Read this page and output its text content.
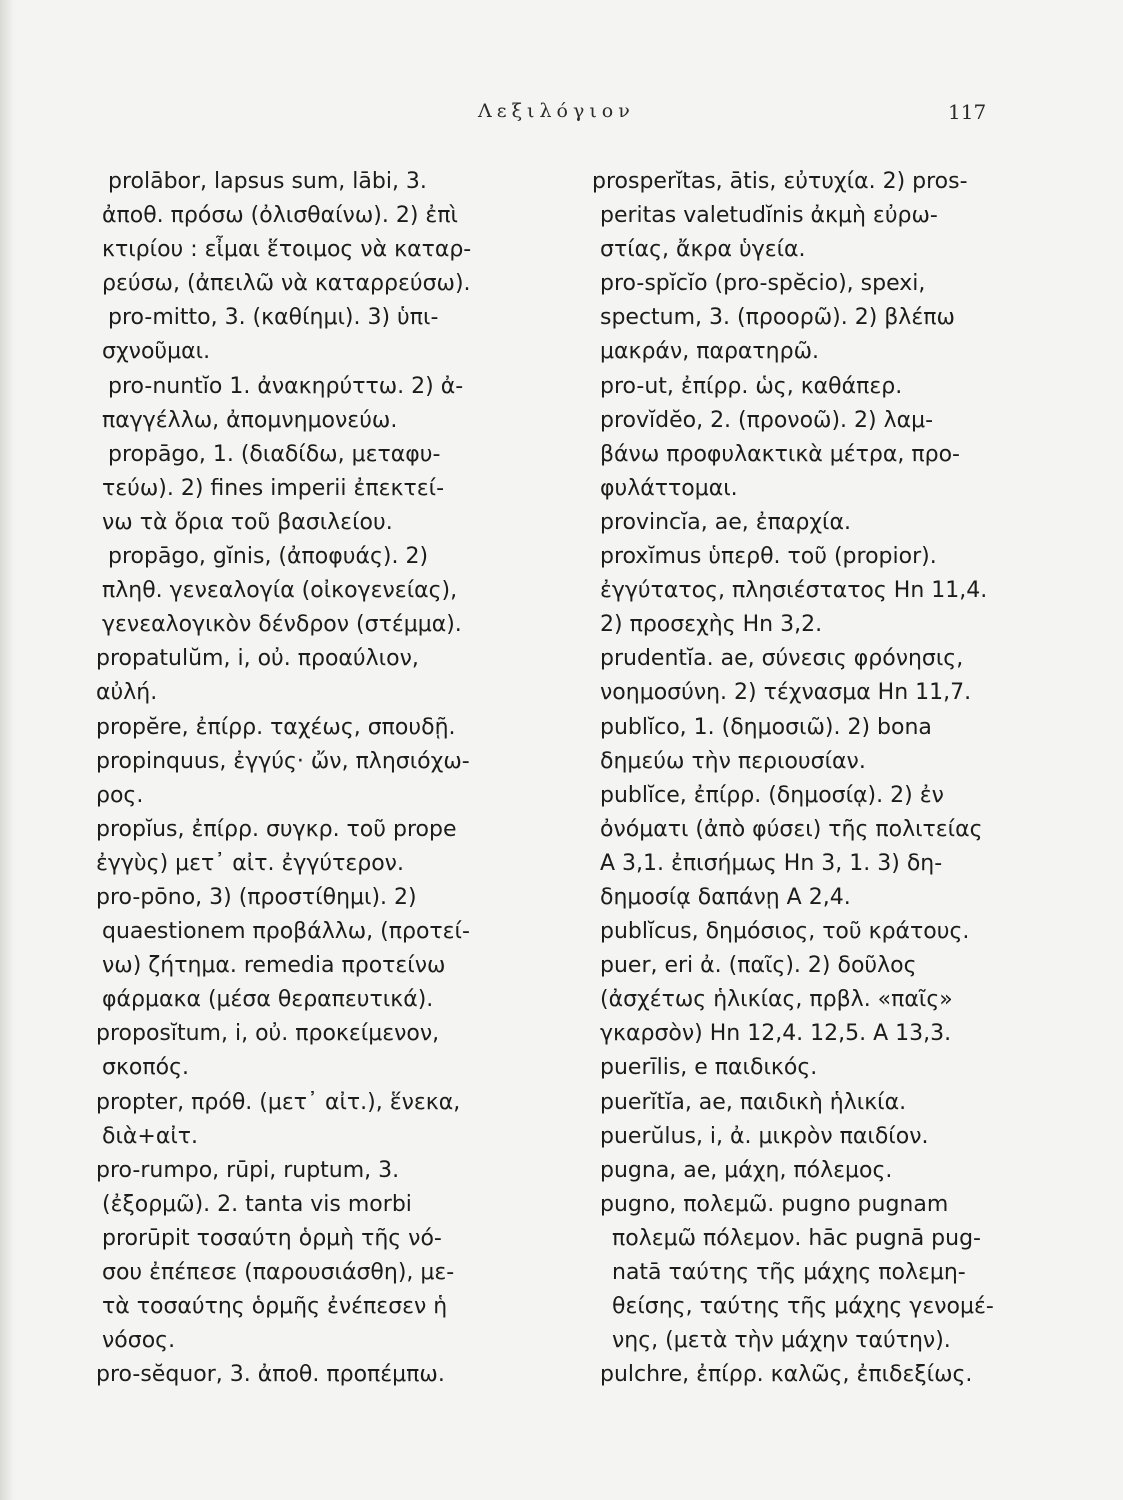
Λεξιλόγιον	117
prolābor, lapsus sum, lābi, 3.
ἀποθ. πρόσω (ὀλισθαίνω). 2) ἐπὶ
κτιρίου : εἶμαι ἕτοιμος νὰ καταρ-
ρεύσω, (ἀπειλῶ νὰ καταρρεύσω).
pro-mitto, 3. (καθίημι). 3) ὑπι-
σχνοῦμαι.
pro-nuntĭo 1. ἀνακηρύττω. 2) ἀ-
παγγέλλω, ἀπομνημονεύω.
propāgo, 1. (διαδίδω, μεταφυ-
τεύω). 2) fines imperii ἐπεκτεί-
νω τὰ ὅρια τοῦ βασιλείου.
propāgo, gĭnis, (ἀποφυάς). 2)
πληθ. γενεαλογία (οἰκογενείας),
γενεαλογικὸν δένδρον (στέμμα).
propatulŭm, i, οὐ. προαύλιον,
αὐλή.
propĕre, ἐπίρρ. ταχέως, σπουδῇ.
propinquus, ἐγγύς· ὤν, πλησιόχω-
ρος.
propĭus, ἐπίρρ. συγκρ. τοῦ prope
ἐγγὺς) μετ᾽ αἰτ. ἐγγύτερον.
pro-pōno, 3) (προστίθημι). 2)
quaestionem προβάλλω, (προτεί-
νω) ζήτημα. remedia προτείνω
φάρμακα (μέσα θεραπευτικά).
proposĭtum, i, οὐ. προκείμενον,
σκοπός.
propter, πρόθ. (μετ᾽ αἰτ.), ἕνεκα,
διὰ+αἰτ.
pro-rumpo, rūpi, ruptum, 3.
(ἐξορμῶ). 2. tanta vis morbi
prorūpit τοσαύτη ὁρμὴ τῆς νό-
σου ἐπέπεσε (παρουσιάσθη), με-
τὰ τοσαύτης ὁρμῆς ἐνέπεσεν ἡ
νόσος.
pro-sĕquor, 3. ἀποθ. προπέμπω.
prosperĭtas, ātis, εὐτυχία. 2) pros-
peritas valetudĭnis ἀκμὴ εὐρω-
στίας, ἄκρα ὑγεία.
pro-spĭcĭo (pro-spĕcio), spexi,
spectum, 3. (προορῶ). 2) βλέπω
μακράν, παρατηρῶ.
pro-ut, ἐπίρρ. ὡς, καθάπερ.
provĭdĕo, 2. (προνοῶ). 2) λαμ-
βάνω προφυλακτικὰ μέτρα, προ-
φυλάττομαι.
provincĭa, ae, ἐπαρχία.
proxĭmus ὑπερθ. τοῦ (propior).
ἐγγύτατος, πλησιέστατος Hn 11,4.
2) προσεχὴς Hn 3,2.
prudentĭa. ae, σύνεσις φρόνησις,
νοημοσύνη. 2) τέχνασμα Hn 11,7.
publĭco, 1. (δημοσιῶ). 2) bona
δημεύω τὴν περιουσίαν.
publĭce, ἐπίρρ. (δημοσίᾳ). 2) ἐν
ὀνόματι (ἀπὸ φύσει) τῆς πολιτείας
A 3,1. ἐπισήμως Hn 3, 1. 3) δη-
δημοσίᾳ δαπάνῃ A 2,4.
publĭcus, δημόσιος, τοῦ κράτους.
puer, eri ἀ. (παῖς). 2) δοῦλος
(ἀσχέτως ἡλικίας, πρβλ. «παῖς»
γκαρσὸν) Hn 12,4. 12,5. A 13,3.
puerīlis, e παιδικός.
puerĭtĭa, ae, παιδικὴ ἡλικία.
puerŭlus, i, ἀ. μικρὸν παιδίον.
pugna, ae, μάχη, πόλεμος.
pugno, πολεμῶ. pugno pugnam
πολεμῶ πόλεμον. hāc pugnā pug-
natā ταύτης τῆς μάχης πολεμη-
θείσης, ταύτης τῆς μάχης γενομέ-
νης, (μετὰ τὴν μάχην ταύτην).
pulchre, ἐπίρρ. καλῶς, ἐπιδεξίως.
